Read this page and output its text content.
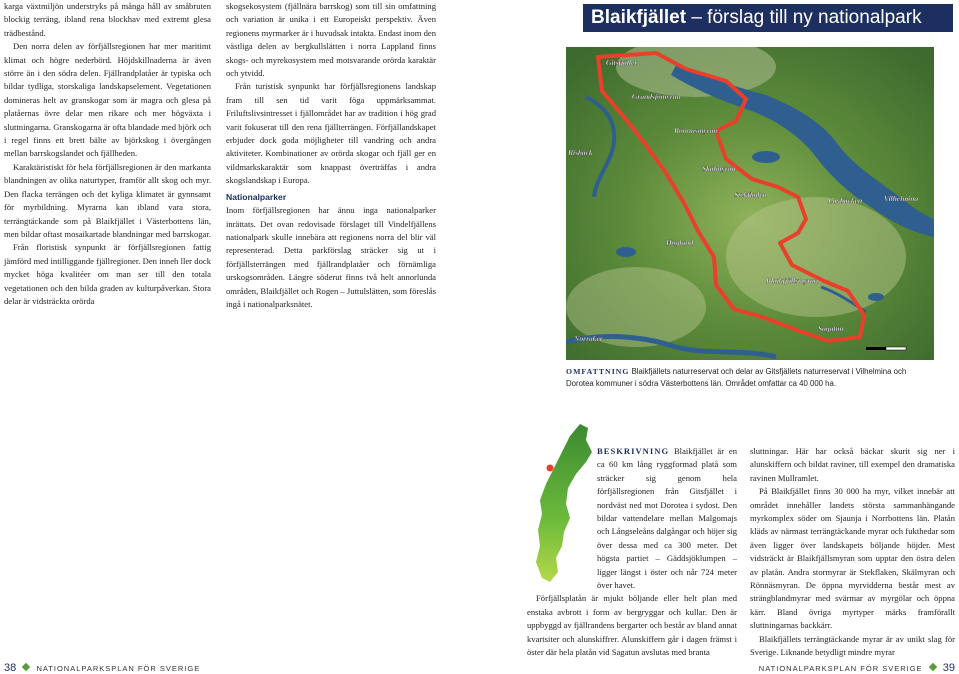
karga växtmiljön understryks på många håll av småbruten blockig terräng, ibland rena blockhav med extremt glesa trädbestånd.

Den norra delen av förfjällsregionen har mer maritimt klimat och högre nederbörd. Höjdskillnaderna är även större än i den södra delen. Fjällrandplatåer är typiska och bildar tydliga, storskaliga landskapselement. Vegetationen domineras helt av granskogar som är magra och glesa på platåernas övre delar men rikare och mer högväxta i sluttningarna. Granskogarna är ofta blandade med björk och i regel finns ett brett bälte av björkskog i övergången mellan barrskogslandet och fjällheden.

Karaktäristiskt för hela förfjällsregionen är den markanta blandningen av olika naturtyper, framför allt skog och myr. Den flacka terrängen och det kyliga klimatet är gynnsamt för myrbildning. Myrarna kan ibland vara stora, terrängtäckande som på Blaikfjället i Västerbottens län, men bildar oftast mosaikartade blandningar med barrskogar.

Från floristisk synpunkt är förfjällsregionen fattig jämförd med intilliggande fjällregioner. Den inneh ller dock mycket höga kvalitéer om man ser till den totala vegetationen och den bilda graden av kulturpåverkan. Stora delar är vidsträckta orörda

skogsekosystem (fjällnära barrskog) som till sin omfattning och variation är unika i ett Europeiskt perspektiv. Även regionens myrmarker är i huvudsak intakta. Endast inom den västliga delen av bergkullslätten i norra Lappland finns skogs- och myrekosystem med motsvarande orörda karaktär och ytvidd.

Från turistisk synpunkt har förfjällsregionens landskap fram till sen tid varit föga uppmärksammat. Friluftslivsintresset i fjällområdet har av tradition i hög grad varit fokuserat till den rena fjällterrängen. Förfjällandskapet erbjuder dock goda möjligheter till vandring och andra aktiviteter. Kombinationer av orörda skogar och fjäll ger en vildmarkskaraktär som knappast överträffas i andra skogslandskap i Europa.

Nationalparker

Inom förfjällsregionen har ännu inga nationalparker inrättats. Det ovan redovisade förslaget till Vindelfjällens nationalpark skulle innebära att regionens norra del blir väl representerad. Detta parkförslag sträcker sig ut i förfjällsterrängen med fjällrandplatåer och förnämliga urskogsområden. Längre söderut finns två helt annorlunda områden, Blaikfjället och Rogen – Juttulslätten, som föreslås ingå i nationalparksnätet.

38	NATIONALPARKSPLAN FÖR SVERIGE
Blaikfjället – förslag till ny nationalpark
Gitsfjället
Grandsjömyran
Rönnäsmyran
Risbäck
Skälmyran
Stekfladen
Laxbäcken	Vilhelmina
Högland
Blaikfjällsmyran
Sagatun
Norråker
OMFATTNING Blaikfjällets naturreservat och delar av Gitsfjällets naturreservat i Vilhelmina och Dorotea kommuner i södra Västerbottens län. Området omfattar ca 40 000 ha.

BESKRIVNING Blaikfjället är en ca 60 km lång ryggformad platå som sträcker sig genom hela förfjällsregionen från Gitsfjället i nordväst ned mot Dorotea i sydost. Den bildar vattendelare mellan Malgomajs och Långseleåns dalgångar och höjer sig över dessa med ca 300 meter. Det högsta partiet – Gäddsjöklumpen – ligger längst i öster och når 724 meter över havet.

Förfjällsplatån är mjukt böljande eller helt plan med enstaka avbrott i form av bergryggar och kullar. Den är uppbyggd av fjällrandens bergarter och består av bland annat kvartsiter och alunskiffrer. Alunskiffern går i dagen främst i öster där hela platån vid Sagatun avslutas med branta

sluttningar. Här har också bäckar skurit sig ner i alunskiffern och bildat raviner, till exempel den dramatiska ravinen Mullramlet.

På Blaikfjället finns 30 000 ha myr, vilket innebär att området innehåller landets största sammanhängande myrkomplex söder om Sjaunja i Norrbottens län. Platån kläds av närmast terrängtäckande myrar och fukthedar som även ligger över landskapets böljande höjder. Mest vidsträckt är Blaikfjällsmyran som upptar den östra delen av platån. Andra stormyrar är Stekflaken, Skälmyran och Rönnäsmyran. De öppna myrvidderna består mest av strängblandmyrar med svärmar av myrgölar och öppna kärr. Bland övriga myrtyper märks framförallt sluttningarnas backkärr.

Blaikfjällets terrängtäckande myrar är av unikt slag för Sverige. Liknande betydligt mindre myrar

NATIONALPARKSPLAN FÖR SVERIGE 39
